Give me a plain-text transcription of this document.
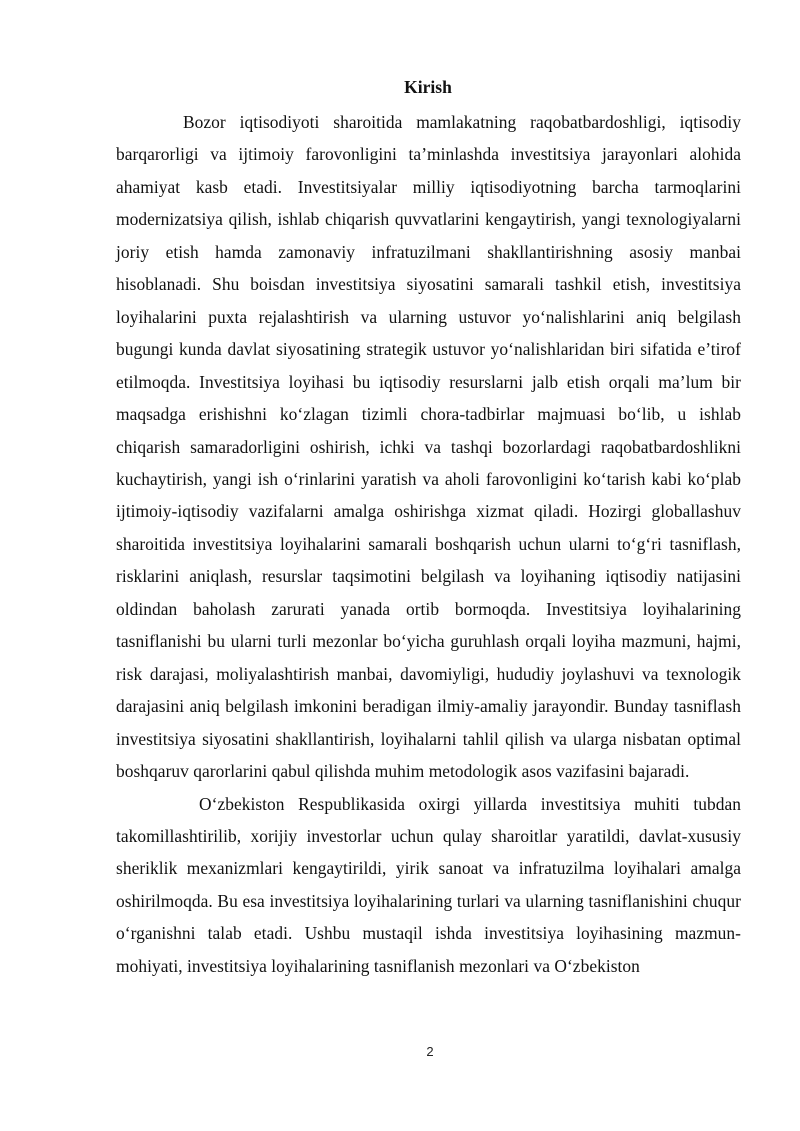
Kirish

Bozor iqtisodiyoti sharoitida mamlakatning raqobatbardoshligi, iqtisodiy barqarorligi va ijtimoiy farovonligini ta’minlashda investitsiya jarayonlari alohida ahamiyat kasb etadi. Investitsiyalar milliy iqtisodiyotning barcha tarmoqlarini modernizatsiya qilish, ishlab chiqarish quvvatlarini kengaytirish, yangi texnologiyalarni joriy etish hamda zamonaviy infratuzilmani shakllantirishning asosiy manbai hisoblanadi. Shu boisdan investitsiya siyosatini samarali tashkil etish, investitsiya loyihalarini puxta rejalashtirish va ularning ustuvor yo‘nalishlarini aniq belgilash bugungi kunda davlat siyosatining strategik ustuvor yo‘nalishlaridan biri sifatida e’tirof etilmoqda. Investitsiya loyihasi bu iqtisodiy resurslarni jalb etish orqali ma’lum bir maqsadga erishishni ko‘zlagan tizimli chora-tadbirlar majmuasi bo‘lib, u ishlab chiqarish samaradorligini oshirish, ichki va tashqi bozorlardagi raqobatbardoshlikni kuchaytirish, yangi ish o‘rinlarini yaratish va aholi farovonligini ko‘tarish kabi ko‘plab ijtimoiy-iqtisodiy vazifalarni amalga oshirishga xizmat qiladi. Hozirgi globallashuv sharoitida investitsiya loyihalarini samarali boshqarish uchun ularni to‘g‘ri tasniflash, risklarini aniqlash, resurslar taqsimotini belgilash va loyihaning iqtisodiy natijasini oldindan baholash zarurati yanada ortib bormoqda. Investitsiya loyihalarining tasniflanishi bu ularni turli mezonlar bo‘yicha guruhlash orqali loyiha mazmuni, hajmi, risk darajasi, moliyalashtirish manbai, davomiyligi, hududiy joylashuvi va texnologik darajasini aniq belgilash imkonini beradigan ilmiy-amaliy jarayondir. Bunday tasniflash investitsiya siyosatini shakllantirish, loyihalarni tahlil qilish va ularga nisbatan optimal boshqaruv qarorlarini qabul qilishda muhim metodologik asos vazifasini bajaradi.

O‘zbekiston Respublikasida oxirgi yillarda investitsiya muhiti tubdan takomillashtirilib, xorijiy investorlar uchun qulay sharoitlar yaratildi, davlat-xususiy sheriklik mexanizmlari kengaytirildi, yirik sanoat va infratuzilma loyihalari amalga oshirilmoqda. Bu esa investitsiya loyihalarining turlari va ularning tasniflanishini chuqur o‘rganishni talab etadi. Ushbu mustaqil ishda investitsiya loyihasining mazmun-mohiyati, investitsiya loyihalarining tasniflanish mezonlari va O‘zbekiston

2
